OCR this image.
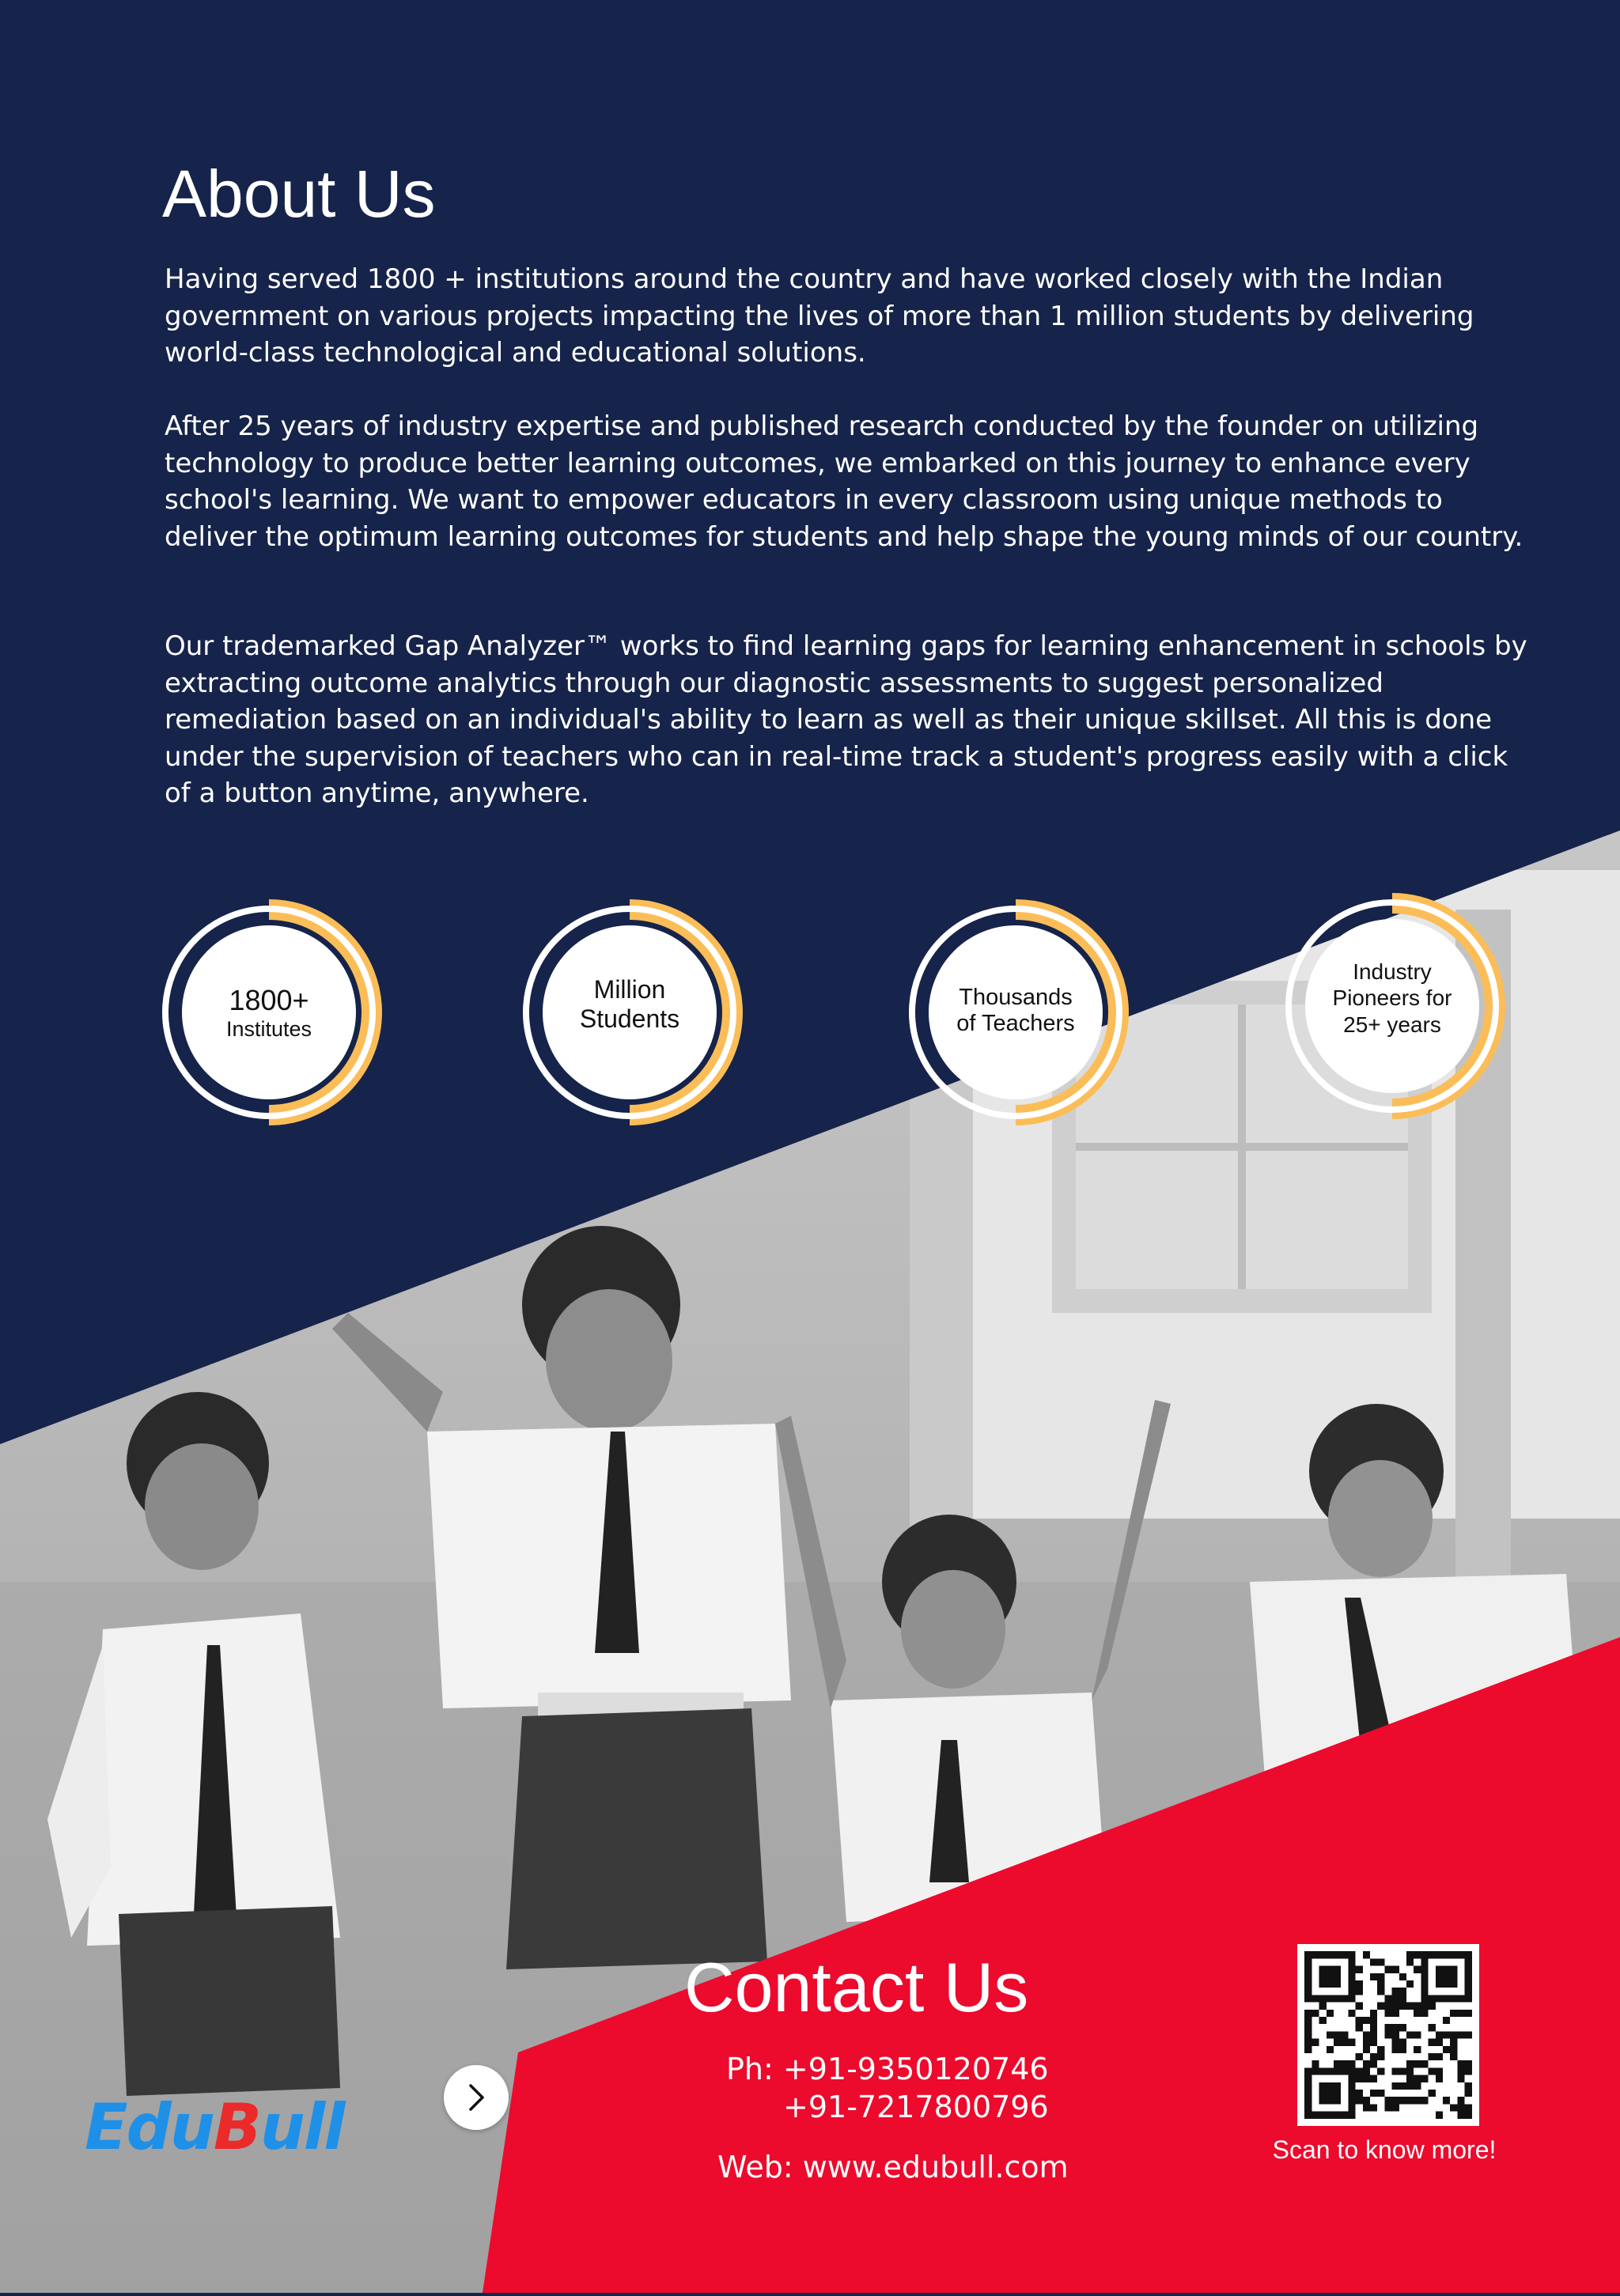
About Us

Having served 1800 + institutions around the country and have worked closely with the Indian government on various projects impacting the lives of more than 1 million students by delivering world-class technological and educational solutions.

After 25 years of industry expertise and published research conducted by the founder on utilizing technology to produce better learning outcomes, we embarked on this journey to enhance every school's learning. We want to empower educators in every classroom using unique methods to deliver the optimum learning outcomes for students and help shape the young minds of our country.

Our trademarked Gap Analyzer™ works to find learning gaps for learning enhancement in schools by extracting outcome analytics through our diagnostic assessments to suggest personalized remediation based on an individual's ability to learn as well as their unique skillset. All this is done under the supervision of teachers who can in real-time track a student's progress easily with a click of a button anytime, anywhere.

1800+
Institutes
Million
Students
Thousands
of Teachers
Industry
Pioneers for
25+ years
EduBull
Contact Us
Ph: +91-9350120746
+91-7217800796
Web: www.edubull.com	Scan to know more!
